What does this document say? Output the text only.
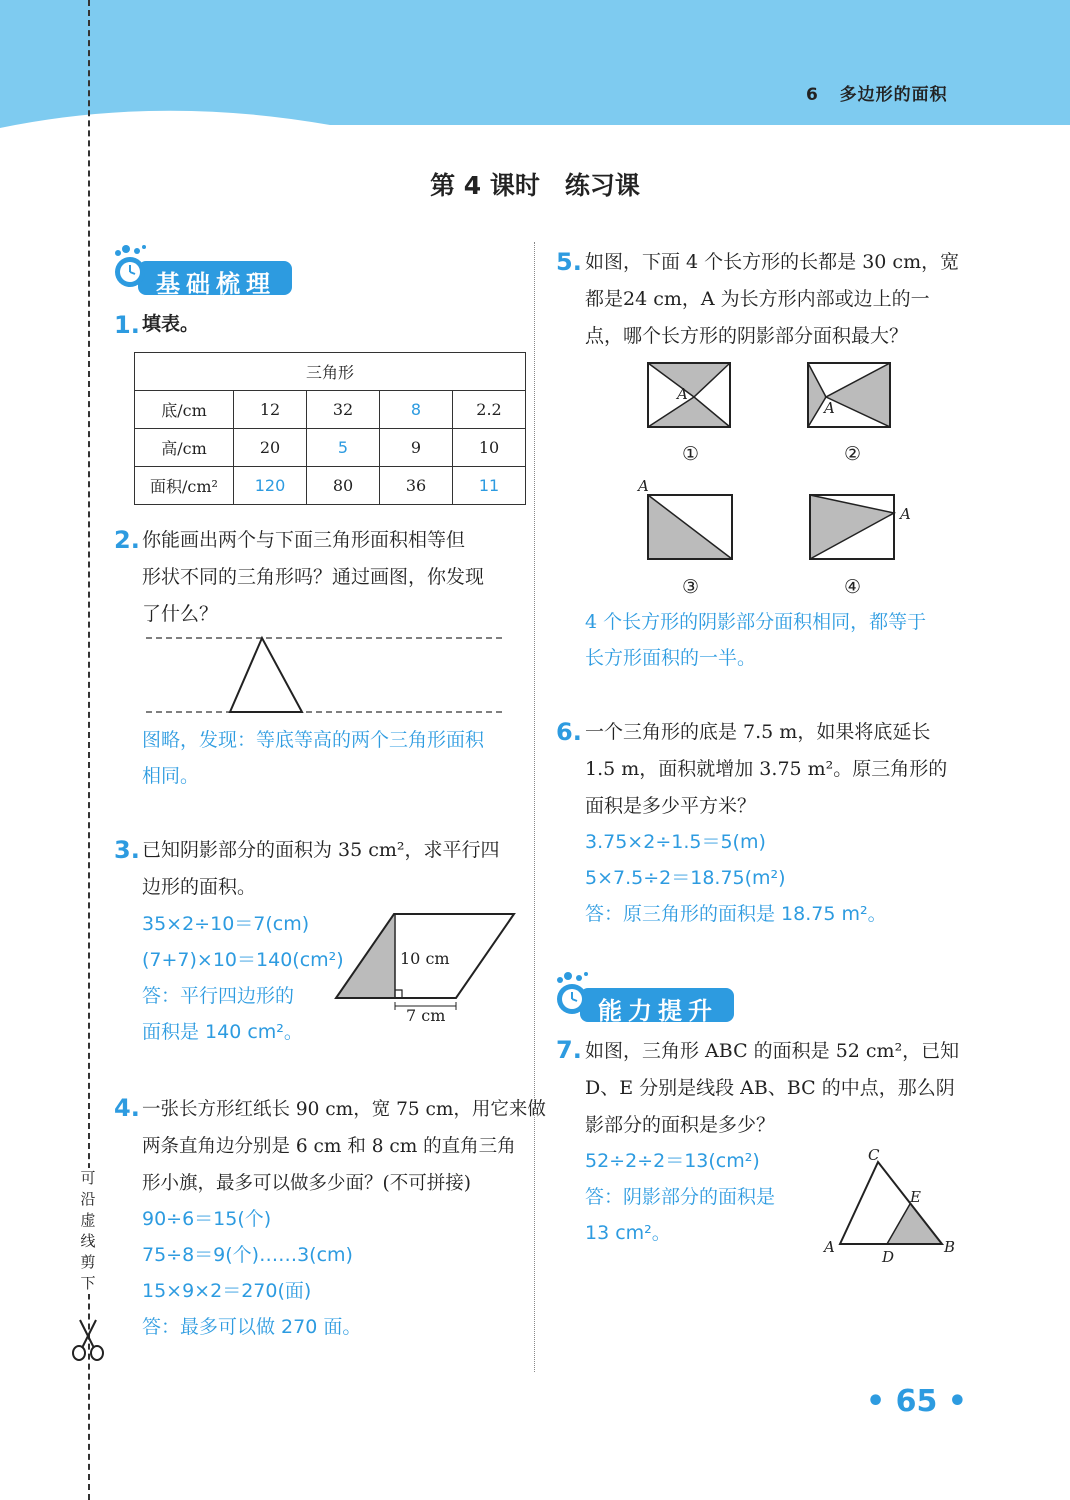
6 多边形的面积
第 4 课时　练习课
可
沿
虚
线
剪
下
基础梳理
1. 填表。
三角形				
底/cm	12	32	8	2.2
高/cm	20	5	9	10
面积/cm²	120	80	36	11
2. 你能画出两个与下面三角形面积相等但
形状不同的三角形吗？通过画图，你发现
了什么？
图略，发现：等底等高的两个三角形面积
相同。
3. 已知阴影部分的面积为 35 cm²，求平行四
边形的面积。
35×2÷10＝7(cm)
(7+7)×10＝140(cm²)
答：平行四边形的
面积是 140 cm²。
10 cm
7 cm
4. 一张长方形红纸长 90 cm，宽 75 cm，用它来做
两条直角边分别是 6 cm 和 8 cm 的直角三角
形小旗，最多可以做多少面？(不可拼接)
90÷6＝15(个)
75÷8＝9(个)……3(cm)
15×9×2＝270(面)
答：最多可以做 270 面。
5. 如图，下面 4 个长方形的长都是 30 cm，宽
都是24 cm，A 为长方形内部或边上的一
点，哪个长方形的阴影部分面积最大？
A
A
①	②
A
A
③	④
4 个长方形的阴影部分面积相同，都等于
长方形面积的一半。
6. 一个三角形的底是 7.5 m，如果将底延长
1.5 m，面积就增加 3.75 m²。原三角形的
面积是多少平方米？
3.75×2÷1.5＝5(m)
5×7.5÷2＝18.75(m²)
答：原三角形的面积是 18.75 m²。
能力提升
7. 如图，三角形 ABC 的面积是 52 cm²，已知
D、E 分别是线段 AB、BC 的中点，那么阴
影部分的面积是多少？
52÷2÷2＝13(cm²)
答：阴影部分的面积是
13 cm²。
C
E
A
D
B
• 65 •
